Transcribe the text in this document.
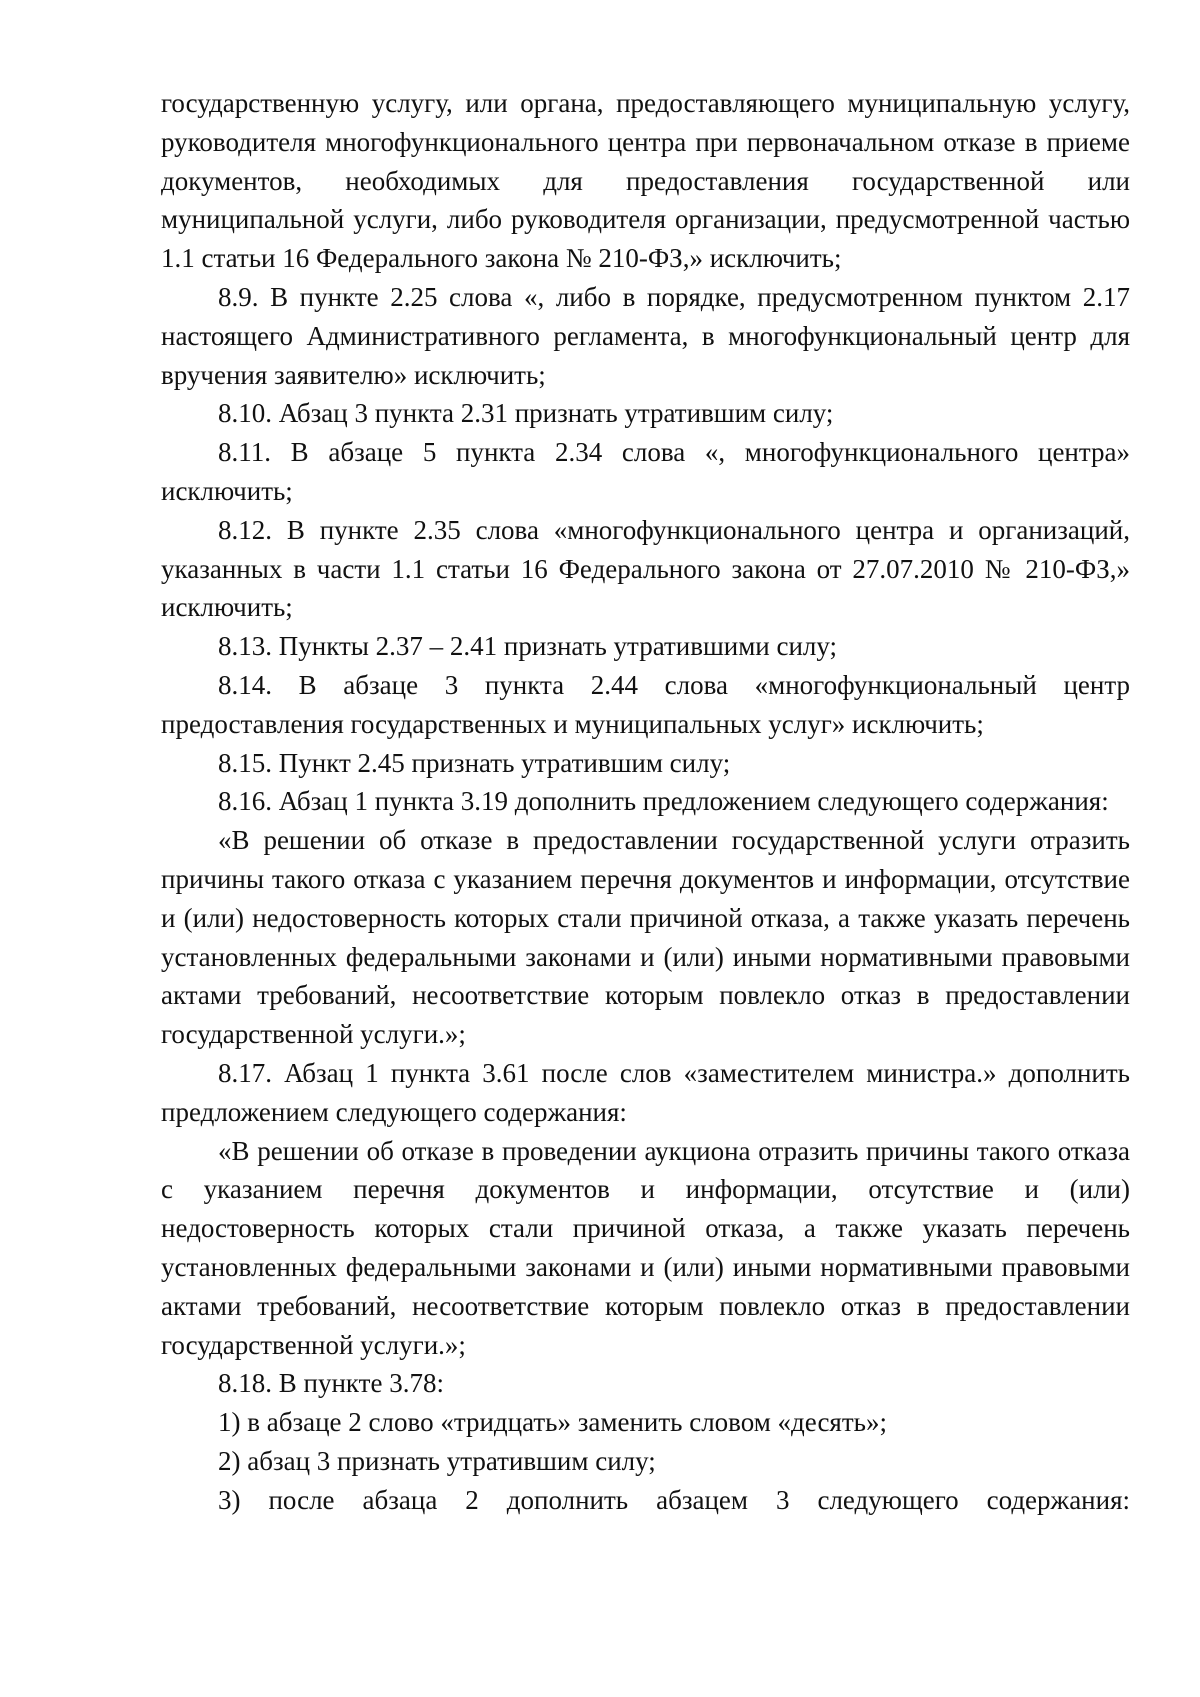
государственную услугу, или органа, предоставляющего муниципальную услугу, руководителя многофункционального центра при первоначальном отказе в приеме документов, необходимых для предоставления государственной или муниципальной услуги, либо руководителя организации, предусмотренной частью 1.1 статьи 16 Федерального закона № 210-ФЗ,» исключить;

8.9. В пункте 2.25 слова «, либо в порядке, предусмотренном пунктом 2.17 настоящего Административного регламента, в многофункциональный центр для вручения заявителю» исключить;

8.10. Абзац 3 пункта 2.31 признать утратившим силу;

8.11. В абзаце 5 пункта 2.34 слова «, многофункционального центра» исключить;

8.12. В пункте 2.35 слова «многофункционального центра и организаций, указанных в части 1.1 статьи 16 Федерального закона от 27.07.2010 № 210-ФЗ,» исключить;

8.13. Пункты 2.37 – 2.41 признать утратившими силу;

8.14. В абзаце 3 пункта 2.44 слова «многофункциональный центр предоставления государственных и муниципальных услуг» исключить;

8.15. Пункт 2.45 признать утратившим силу;

8.16. Абзац 1 пункта 3.19 дополнить предложением следующего содержания:

«В решении об отказе в предоставлении государственной услуги отразить причины такого отказа с указанием перечня документов и информации, отсутствие и (или) недостоверность которых стали причиной отказа, а также указать перечень установленных федеральными законами и (или) иными нормативными правовыми актами требований, несоответствие которым повлекло отказ в предоставлении государственной услуги.»;

8.17. Абзац 1 пункта 3.61 после слов «заместителем министра.» дополнить предложением следующего содержания:

«В решении об отказе в проведении аукциона отразить причины такого отказа с указанием перечня документов и информации, отсутствие и (или) недостоверность которых стали причиной отказа, а также указать перечень установленных федеральными законами и (или) иными нормативными правовыми актами требований, несоответствие которым повлекло отказ в предоставлении государственной услуги.»;

8.18. В пункте 3.78:

1) в абзаце 2 слово «тридцать» заменить словом «десять»;

2) абзац 3 признать утратившим силу;

3) после абзаца 2 дополнить абзацем 3 следующего содержания:
